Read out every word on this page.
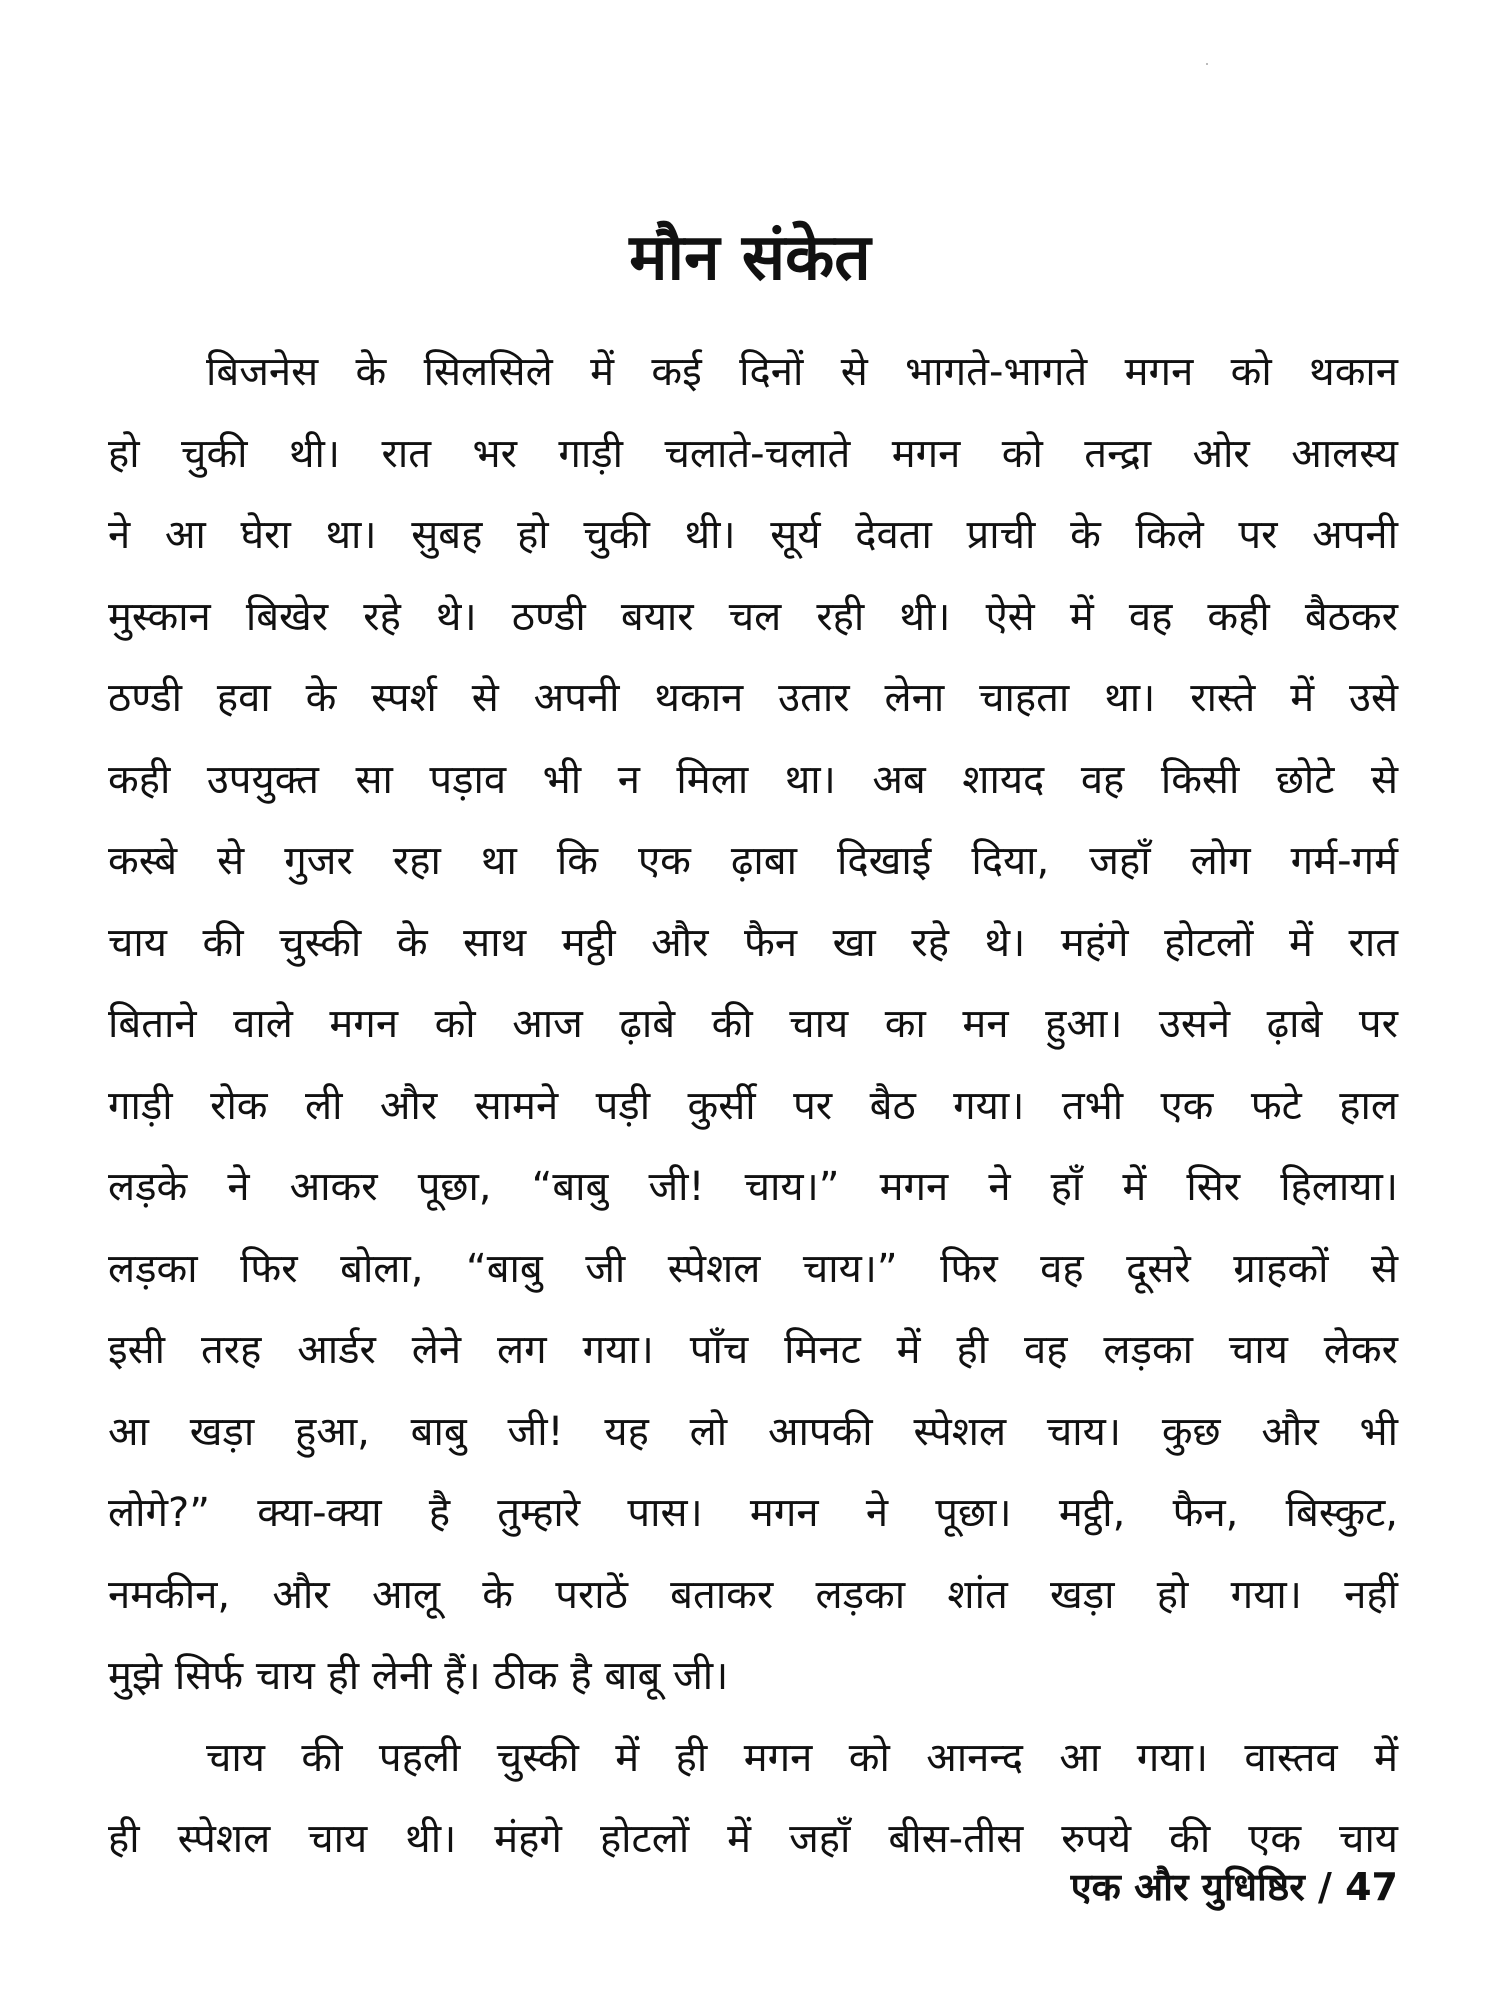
मौन संकेत
बिजनेस के सिलसिले में कई दिनों से भागते-भागते मगन को थकान
हो चुकी थी। रात भर गाड़ी चलाते-चलाते मगन को तन्द्रा ओर आलस्य
ने आ घेरा था। सुबह हो चुकी थी। सूर्य देवता प्राची के किले पर अपनी
मुस्कान बिखेर रहे थे। ठण्डी बयार चल रही थी। ऐसे में वह कही बैठकर
ठण्डी हवा के स्पर्श से अपनी थकान उतार लेना चाहता था। रास्ते में उसे
कही उपयुक्त सा पड़ाव भी न मिला था। अब शायद वह किसी छोटे से
कस्बे से गुजर रहा था कि एक ढ़ाबा दिखाई दिया, जहाँ लोग गर्म-गर्म
चाय की चुस्की के साथ मट्ठी और फैन खा रहे थे। महंगे होटलों में रात
बिताने वाले मगन को आज ढ़ाबे की चाय का मन हुआ। उसने ढ़ाबे पर
गाड़ी रोक ली और सामने पड़ी कुर्सी पर बैठ गया। तभी एक फटे हाल
लड़के ने आकर पूछा, “बाबु जी! चाय।” मगन ने हाँ में सिर हिलाया।
लड़का फिर बोला, “बाबु जी स्पेशल चाय।” फिर वह दूसरे ग्राहकों से
इसी तरह आर्डर लेने लग गया। पाँच मिनट में ही वह लड़का चाय लेकर
आ खड़ा हुआ, बाबु जी! यह लो आपकी स्पेशल चाय। कुछ और भी
लोगे?” क्या-क्या है तुम्हारे पास। मगन ने पूछा। मट्ठी, फैन, बिस्कुट,
नमकीन, और आलू के पराठें बताकर लड़का शांत खड़ा हो गया। नहीं
मुझे सिर्फ चाय ही लेनी हैं। ठीक है बाबू जी।
चाय की पहली चुस्की में ही मगन को आनन्द आ गया। वास्तव में
ही स्पेशल चाय थी। मंहगे होटलों में जहाँ बीस-तीस रुपये की एक चाय
एक और युधिष्ठिर / 47
